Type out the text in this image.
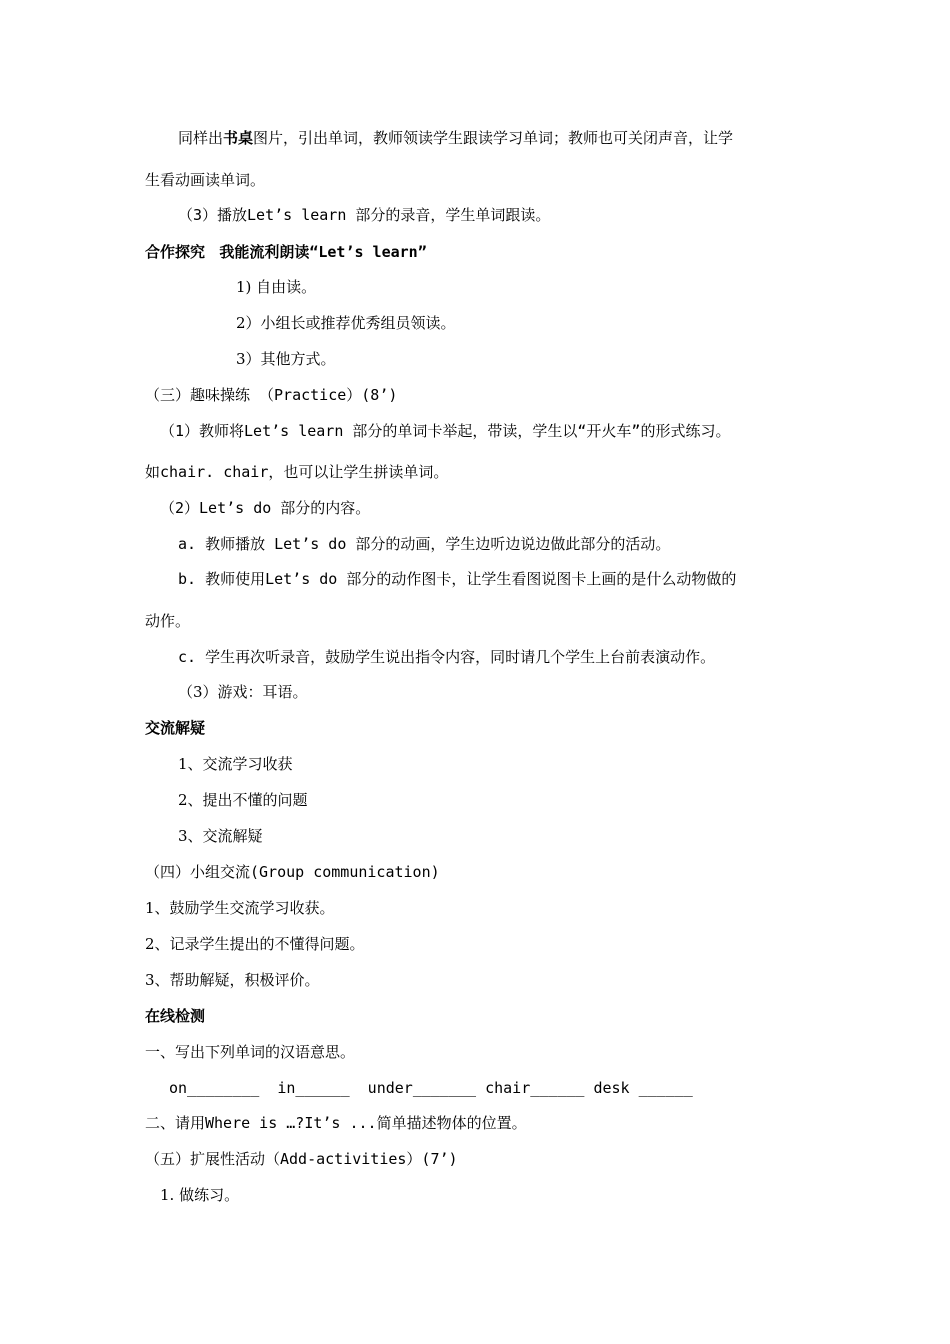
同样出书桌图片，引出单词，教师领读学生跟读学习单词；教师也可关闭声音，让学
生看动画读单词。
（3）播放Let’s learn 部分的录音，学生单词跟读。
合作探究 我能流利朗读“Let’s learn”
1) 自由读。
2）小组长或推荐优秀组员领读。
3）其他方式。
（三）趣味操练 （Practice）(8’)
（1）教师将Let’s learn 部分的单词卡举起，带读，学生以“开火车”的形式练习。
如chair. chair，也可以让学生拼读单词。
（2）Let’s do 部分的内容。
a. 教师播放 Let’s do 部分的动画，学生边听边说边做此部分的活动。
b. 教师使用Let’s do 部分的动作图卡，让学生看图说图卡上画的是什么动物做的
动作。
c. 学生再次听录音，鼓励学生说出指令内容，同时请几个学生上台前表演动作。
（3）游戏：耳语。
交流解疑
1、交流学习收获
2、提出不懂的问题
3、交流解疑
（四）小组交流(Group communication)
1、鼓励学生交流学习收获。
2、记录学生提出的不懂得问题。
3、帮助解疑，积极评价。
在线检测
一、写出下列单词的汉语意思。
on________  in______  under_______ chair______ desk ______
二、请用Where is …?It’s ...简单描述物体的位置。
（五）扩展性活动（Add-activities）(7’)
1. 做练习。
